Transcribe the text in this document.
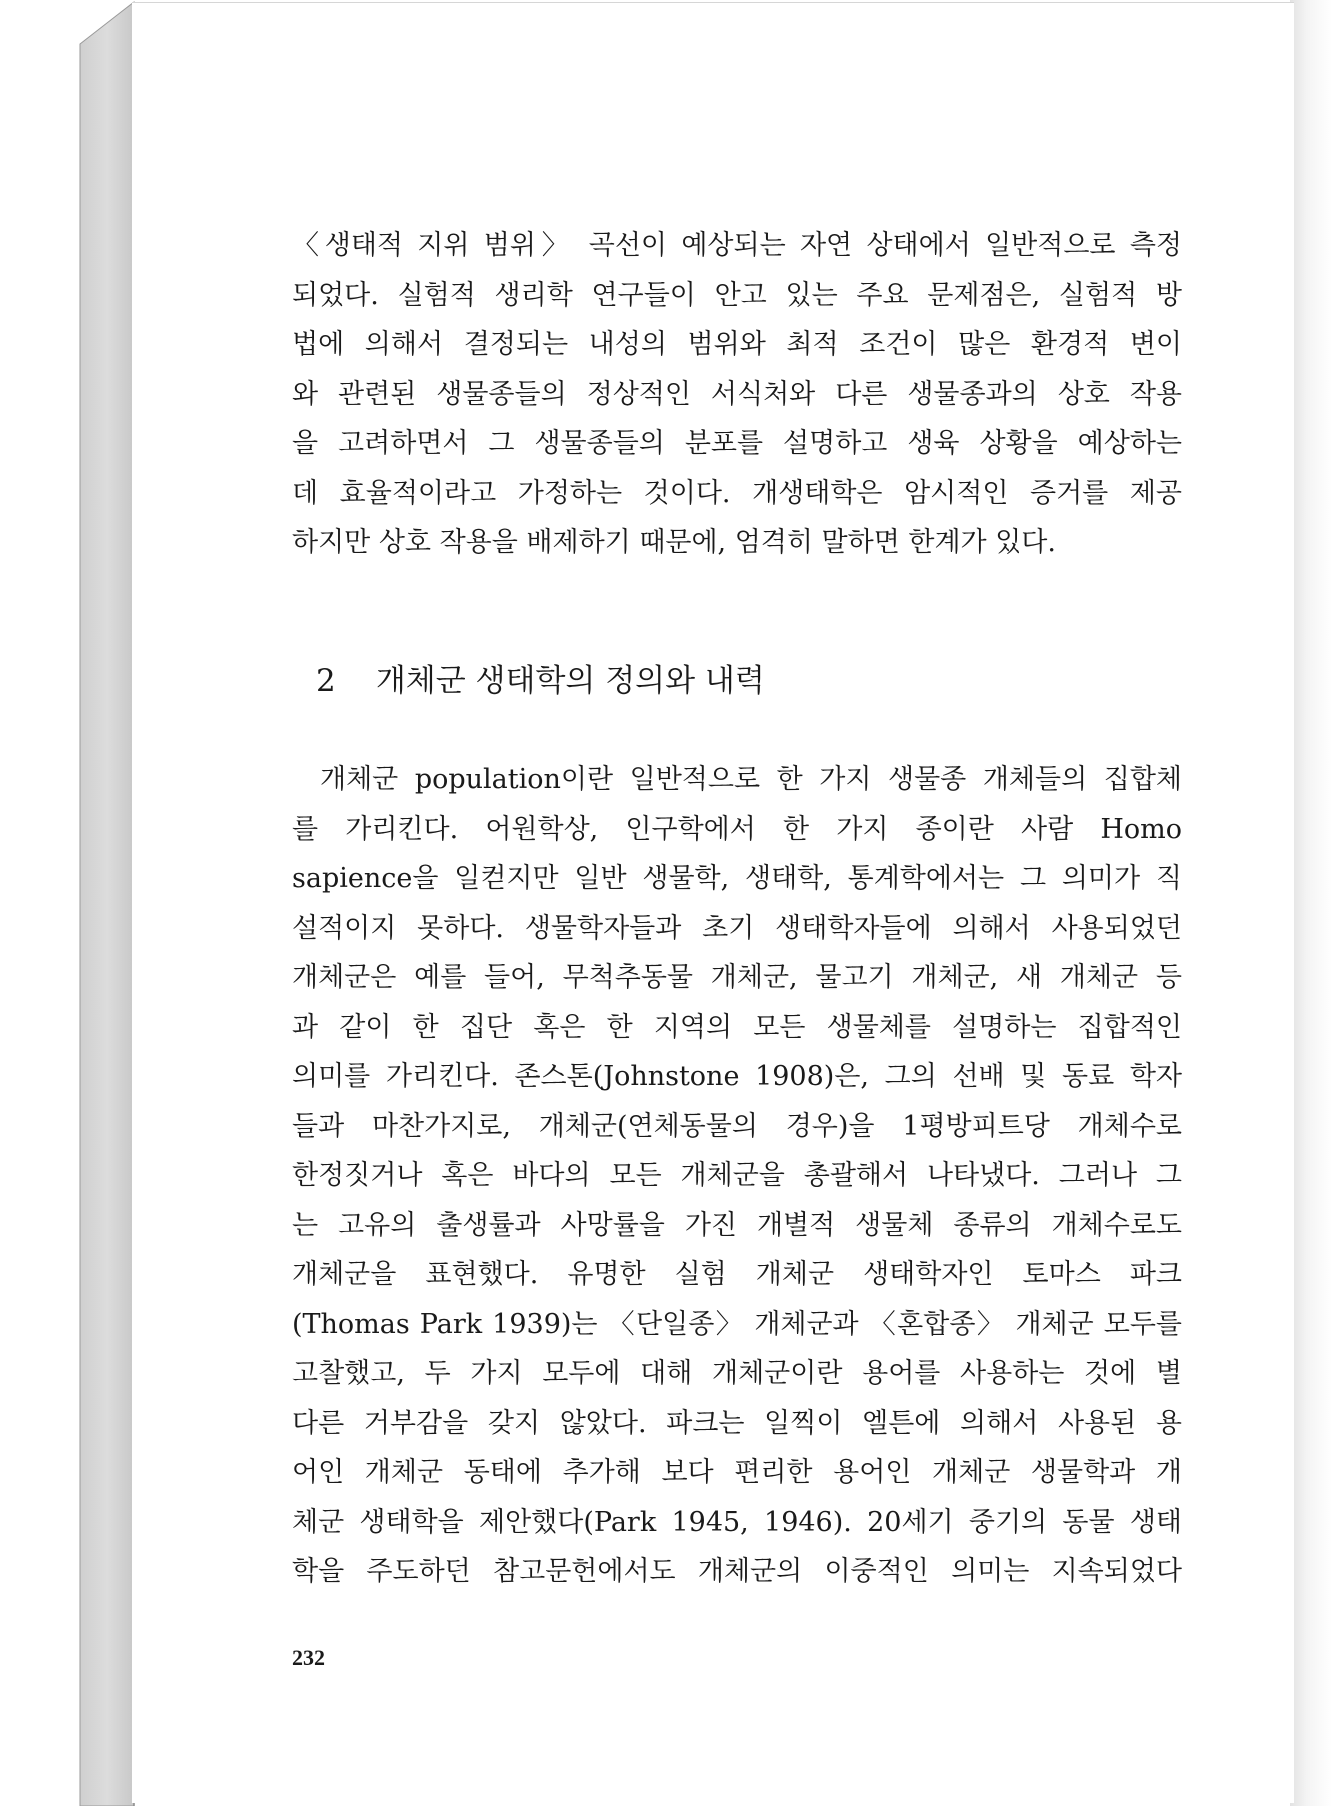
〈생태적 지위 범위〉 곡선이 예상되는 자연 상태에서 일반적으로 측정
되었다. 실험적 생리학 연구들이 안고 있는 주요 문제점은, 실험적 방
법에 의해서 결정되는 내성의 범위와 최적 조건이 많은 환경적 변이
와 관련된 생물종들의 정상적인 서식처와 다른 생물종과의 상호 작용
을 고려하면서 그 생물종들의 분포를 설명하고 생육 상황을 예상하는
데 효율적이라고 가정하는 것이다. 개생태학은 암시적인 증거를 제공
하지만 상호 작용을 배제하기 때문에, 엄격히 말하면 한계가 있다.

2 개체군 생태학의 정의와 내력

개체군 population이란 일반적으로 한 가지 생물종 개체들의 집합체
를 가리킨다. 어원학상, 인구학에서 한 가지 종이란 사람 Homo
sapience을 일컫지만 일반 생물학, 생태학, 통계학에서는 그 의미가 직
설적이지 못하다. 생물학자들과 초기 생태학자들에 의해서 사용되었던
개체군은 예를 들어, 무척추동물 개체군, 물고기 개체군, 새 개체군 등
과 같이 한 집단 혹은 한 지역의 모든 생물체를 설명하는 집합적인
의미를 가리킨다. 존스톤(Johnstone 1908)은, 그의 선배 및 동료 학자
들과 마찬가지로, 개체군(연체동물의 경우)을 1평방피트당 개체수로
한정짓거나 혹은 바다의 모든 개체군을 총괄해서 나타냈다. 그러나 그
는 고유의 출생률과 사망률을 가진 개별적 생물체 종류의 개체수로도
개체군을 표현했다. 유명한 실험 개체군 생태학자인 토마스 파크
(Thomas Park 1939)는 〈단일종〉 개체군과 〈혼합종〉 개체군 모두를
고찰했고, 두 가지 모두에 대해 개체군이란 용어를 사용하는 것에 별
다른 거부감을 갖지 않았다. 파크는 일찍이 엘튼에 의해서 사용된 용
어인 개체군 동태에 추가해 보다 편리한 용어인 개체군 생물학과 개
체군 생태학을 제안했다(Park 1945, 1946). 20세기 중기의 동물 생태
학을 주도하던 참고문헌에서도 개체군의 이중적인 의미는 지속되었다

232
